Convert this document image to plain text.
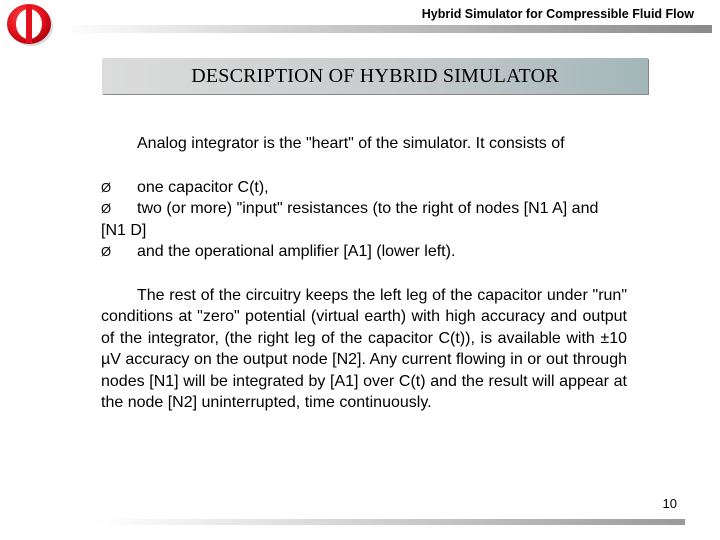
Hybrid Simulator for Compressible Fluid Flow
DESCRIPTION OF HYBRID SIMULATOR

Analog integrator is the "heart" of the simulator. It consists of

Ø one capacitor C(t),
Ø two (or more) "input" resistances (to the right of nodes [N1 A] and [N1 D]
Ø and the operational amplifier [A1] (lower left).

The rest of the circuitry keeps the left leg of the capacitor under "run" conditions at "zero" potential (virtual earth) with high accuracy and output of the integrator, (the right leg of the capacitor C(t)), is available with ±10 µV accuracy on the output node [N2]. Any current flowing in or out through nodes [N1] will be integrated by [A1] over C(t) and the result will appear at the node [N2] uninterrupted, time continuously.

10
